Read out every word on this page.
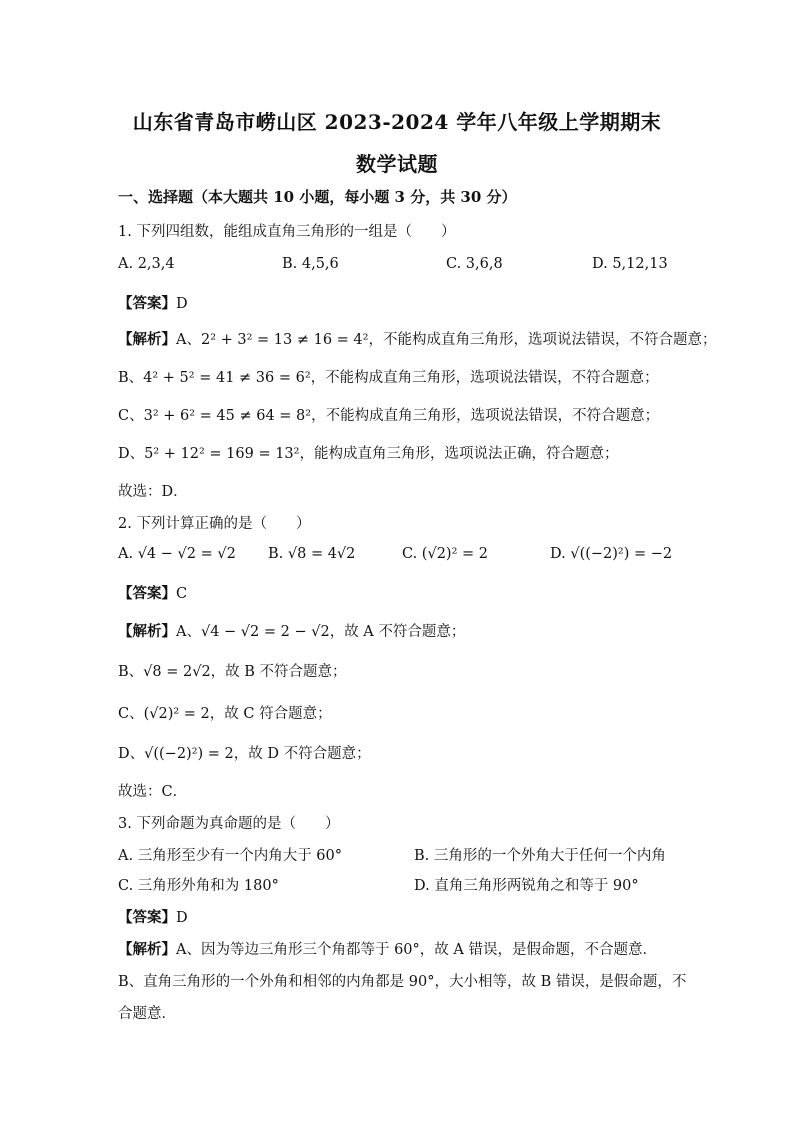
山东省青岛市崂山区 2023-2024 学年八年级上学期期末
数学试题
一、选择题（本大题共 10 小题，每小题 3 分，共 30 分）
1. 下列四组数，能组成直角三角形的一组是（　　）
A. 2,3,4	B. 4,5,6	C. 3,6,8	D. 5,12,13
【答案】D
【解析】A、2² + 3² = 13 ≠ 16 = 4²，不能构成直角三角形，选项说法错误，不符合题意；
B、4² + 5² = 41 ≠ 36 = 6²，不能构成直角三角形，选项说法错误，不符合题意；
C、3² + 6² = 45 ≠ 64 = 8²，不能构成直角三角形，选项说法错误，不符合题意；
D、5² + 12² = 169 = 13²，能构成直角三角形，选项说法正确，符合题意；
故选：D．
2. 下列计算正确的是（　　）
A. √4 − √2 = √2 B. √8 = 4√2	C. (√2)² = 2	D. √((−2)²) = −2
【答案】C
【解析】A、√4 − √2 = 2 − √2，故 A 不符合题意；
B、√8 = 2√2，故 B 不符合题意；
C、(√2)² = 2，故 C 符合题意；
D、√((−2)²) = 2，故 D 不符合题意；
故选：C．
3. 下列命题为真命题的是（　　）
A. 三角形至少有一个内角大于 60°	B. 三角形的一个外角大于任何一个内角
C. 三角形外角和为 180°	D. 直角三角形两锐角之和等于 90°
【答案】D
【解析】A、因为等边三角形三个角都等于 60°，故 A 错误，是假命题，不合题意．
B、直角三角形的一个外角和相邻的内角都是 90°，大小相等，故 B 错误，是假命题，不
合题意．
